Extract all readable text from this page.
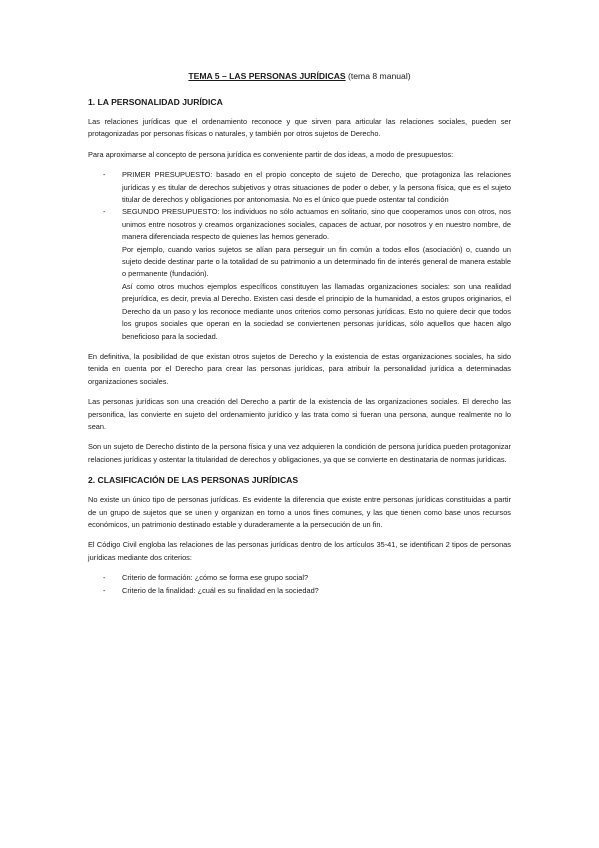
TEMA 5 – LAS PERSONAS JURÍDICAS (tema 8 manual)
1. LA PERSONALIDAD JURÍDICA

Las relaciones jurídicas que el ordenamiento reconoce y que sirven para articular las relaciones sociales, pueden ser protagonizadas por personas físicas o naturales, y también por otros sujetos de Derecho.

Para aproximarse al concepto de persona jurídica es conveniente partir de dos ideas, a modo de presupuestos:

- PRIMER PRESUPUESTO: basado en el propio concepto de sujeto de Derecho, que protagoniza las relaciones jurídicas y es titular de derechos subjetivos y otras situaciones de poder o deber, y la persona física, que es el sujeto titular de derechos y obligaciones por antonomasia. No es el único que puede ostentar tal condición
- SEGUNDO PRESUPUESTO: los individuos no sólo actuamos en solitario, sino que cooperamos unos con otros, nos unimos entre nosotros y creamos organizaciones sociales, capaces de actuar, por nosotros y en nuestro nombre, de manera diferenciada respecto de quienes las hemos generado.

Por ejemplo, cuando varios sujetos se alían para perseguir un fin común a todos ellos (asociación) o, cuando un sujeto decide destinar parte o la totalidad de su patrimonio a un determinado fin de interés general de manera estable o permanente (fundación).

Así como otros muchos ejemplos específicos constituyen las llamadas organizaciones sociales: son una realidad prejurídica, es decir, previa al Derecho. Existen casi desde el principio de la humanidad, a estos grupos originarios, el Derecho da un paso y los reconoce mediante unos criterios como personas jurídicas. Esto no quiere decir que todos los grupos sociales que operan en la sociedad se conviertenen personas jurídicas, sólo aquellos que hacen algo beneficioso para la sociedad.

En definitiva, la posibilidad de que existan otros sujetos de Derecho y la existencia de estas organizaciones sociales, ha sido tenida en cuenta por el Derecho para crear las personas jurídicas, para atribuir la personalidad jurídica a determinadas organizaciones sociales.

Las personas jurídicas son una creación del Derecho a partir de la existencia de las organizaciones sociales. El derecho las personifica, las convierte en sujeto del ordenamiento jurídico y las trata como si fueran una persona, aunque realmente no lo sean.

Son un sujeto de Derecho distinto de la persona física y una vez adquieren la condición de persona jurídica pueden protagonizar relaciones jurídicas y ostentar la titularidad de derechos y obligaciones, ya que se convierte en destinataria de normas jurídicas.

2. CLASIFICACIÓN DE LAS PERSONAS JURÍDICAS

No existe un único tipo de personas jurídicas. Es evidente la diferencia que existe entre personas jurídicas constituidas a partir de un grupo de sujetos que se unen y organizan en torno a unos fines comunes, y las que tienen como base unos recursos económicos, un patrimonio destinado estable y duraderamente a la persecución de un fin.

El Código Civil engloba las relaciones de las personas jurídicas dentro de los artículos 35-41, se identifican 2 tipos de personas jurídicas mediante dos criterios:

- Criterio de formación: ¿cómo se forma ese grupo social?
- Criterio de la finalidad: ¿cuál es su finalidad en la sociedad?
